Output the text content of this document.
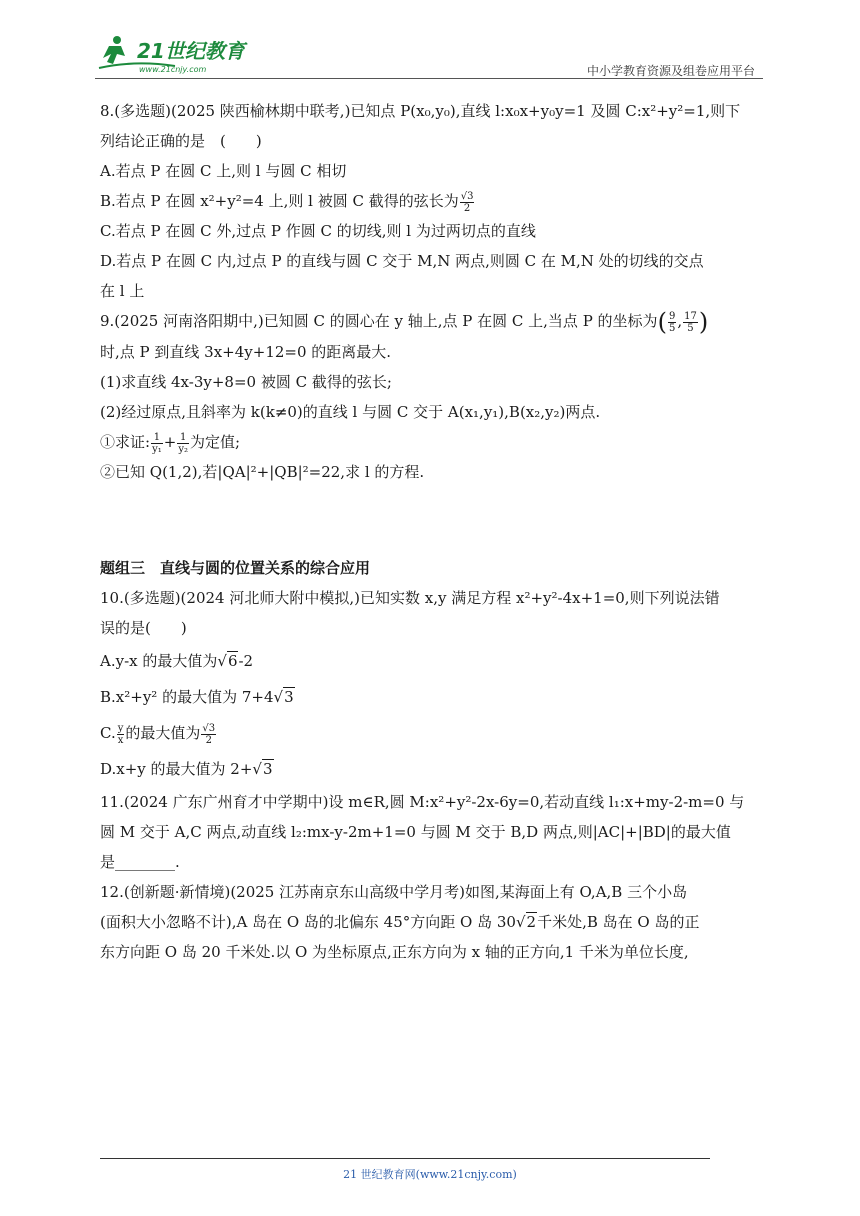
21世纪教育
www.21cnjy.com	中小学教育资源及组卷应用平台

8.(多选题)(2025 陕西榆林期中联考,)已知点 P(x₀,y₀),直线 l:x₀x+y₀y=1 及圆 C:x²+y²=1,则下

列结论正确的是　(　　)

A.若点 P 在圆 C 上,则 l 与圆 C 相切

B.若点 P 在圆 x²+y²=4 上,则 l 被圆 C 截得的弦长为 $\frac{√3}{2}$

C.若点 P 在圆 C 外,过点 P 作圆 C 的切线,则 l 为过两切点的直线

D.若点 P 在圆 C 内,过点 P 的直线与圆 C 交于 M,N 两点,则圆 C 在 M,N 处的切线的交点

在 l 上

9.(2025 河南洛阳期中,)已知圆 C 的圆心在 y 轴上,点 P 在圆 C 上,当点 P 的坐标为( $\frac{9}{5}$ , $\frac{17}{5}$ )

时,点 P 到直线 3x+4y+12=0 的距离最大.

(1)求直线 4x-3y+8=0 被圆 C 截得的弦长;

(2)经过原点,且斜率为 k(k≠0)的直线 l 与圆 C 交于 A(x₁,y₁),B(x₂,y₂)两点.

①求证: $\frac{1}{\text{y₁}} + \frac{1}{\text{y₂}}$ 为定值;

②已知 Q(1,2),若|QA|²+|QB|²=22,求 l 的方程.

题组三　直线与圆的位置关系的综合应用

10.(多选题)(2024 河北师大附中模拟,)已知实数 x,y 满足方程 x²+y²-4x+1=0,则下列说法错

误的是(　　)

A.y-x 的最大值为√6-2

B.x²+y² 的最大值为 7+4√3

C. $\frac{y}{x}$ 的最大值为 $\frac{√3}{2}$

D.x+y 的最大值为 2+√3

11.(2024 广东广州育才中学期中)设 m∈R,圆 M:x²+y²-2x-6y=0,若动直线 l₁:x+my-2-m=0 与

圆 M 交于 A,C 两点,动直线 l₂:mx-y-2m+1=0 与圆 M 交于 B,D 两点,则|AC|+|BD|的最大值

是________.

12.(创新题·新情境)(2025 江苏南京东山高级中学月考)如图,某海面上有 O,A,B 三个小岛

(面积大小忽略不计),A 岛在 O 岛的北偏东 45°方向距 O 岛 30√2千米处,B 岛在 O 岛的正

东方向距 O 岛 20 千米处.以 O 为坐标原点,正东方向为 x 轴的正方向,1 千米为单位长度,

21 世纪教育网(www.21cnjy.com)
